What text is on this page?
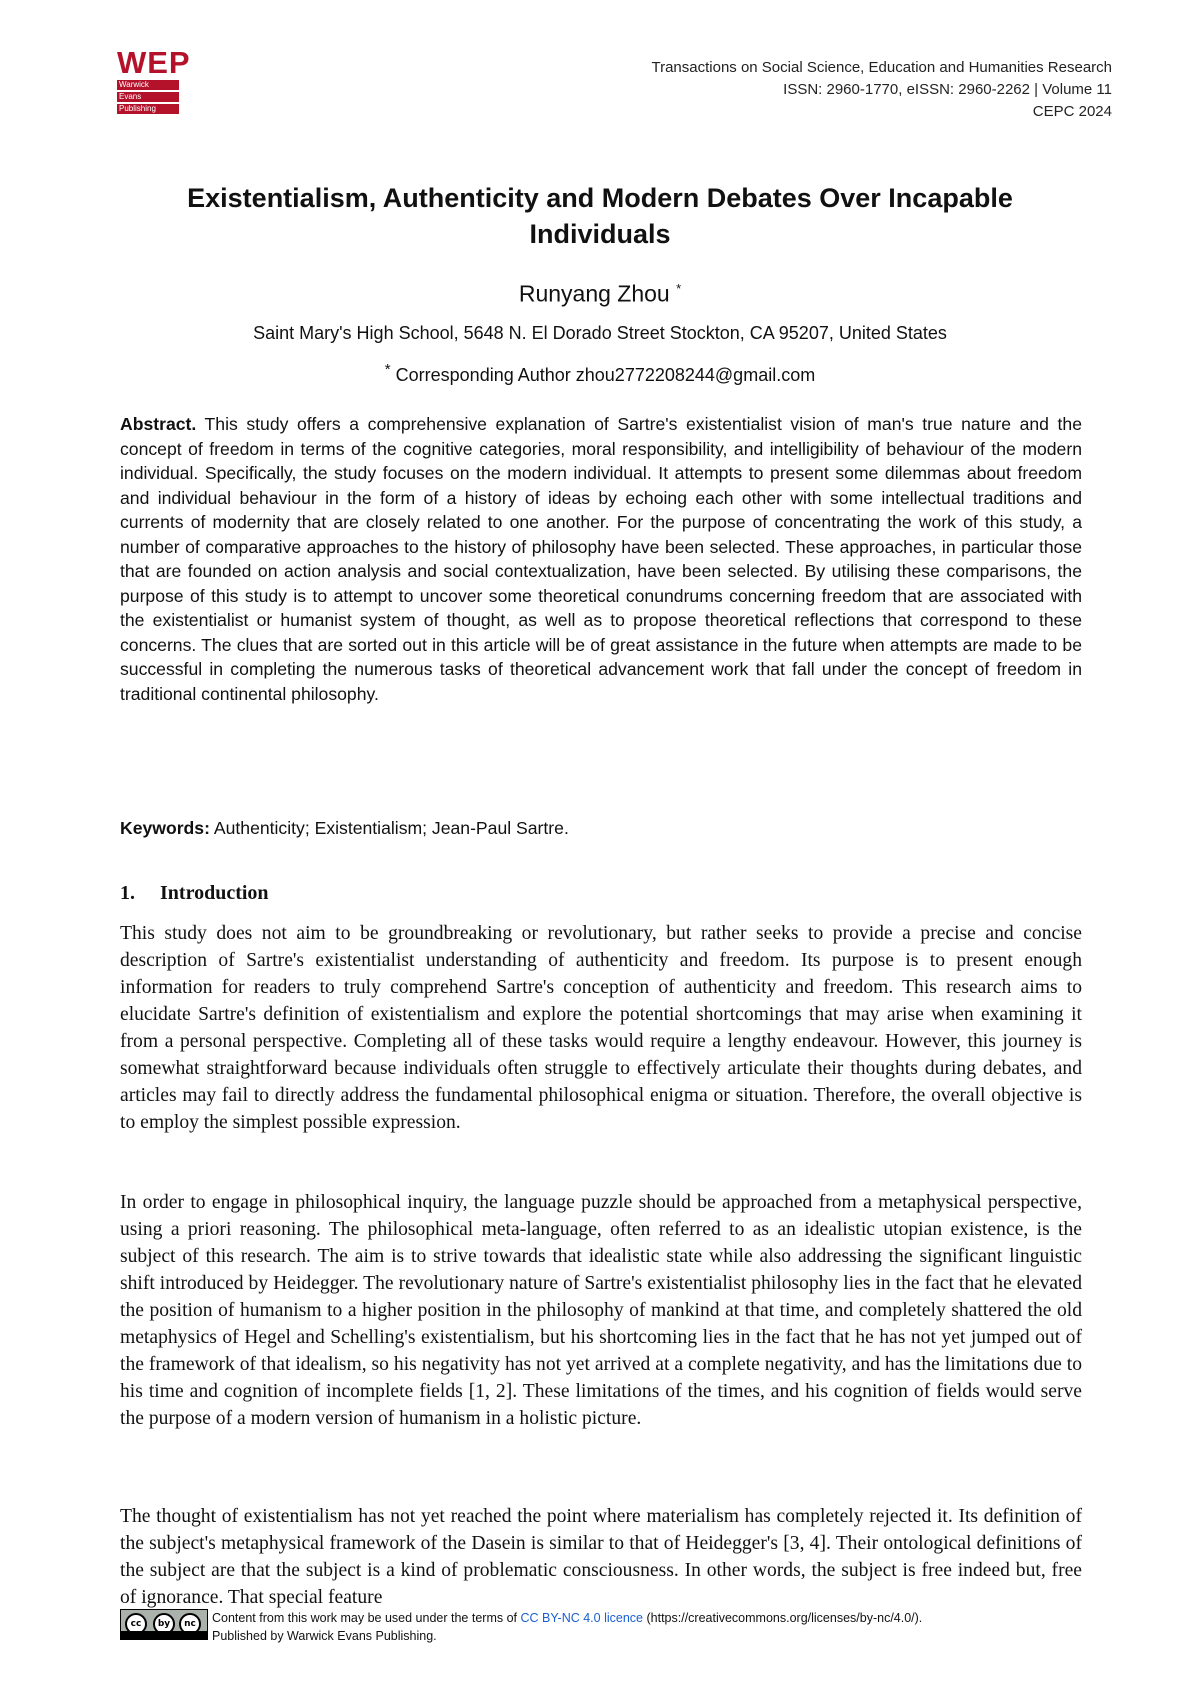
WEP
Warwick
Evans
Publishing
Transactions on Social Science, Education and Humanities Research
ISSN: 2960-1770, eISSN: 2960-2262 | Volume 11
CEPC 2024
Existentialism, Authenticity and Modern Debates Over Incapable
Individuals
Runyang Zhou *
Saint Mary's High School, 5648 N. El Dorado Street Stockton, CA 95207, United States
* Corresponding Author zhou2772208244@gmail.com
Abstract. This study offers a comprehensive explanation of Sartre's existentialist vision of man's true nature and the concept of freedom in terms of the cognitive categories, moral responsibility, and intelligibility of behaviour of the modern individual. Specifically, the study focuses on the modern individual. It attempts to present some dilemmas about freedom and individual behaviour in the form of a history of ideas by echoing each other with some intellectual traditions and currents of modernity that are closely related to one another. For the purpose of concentrating the work of this study, a number of comparative approaches to the history of philosophy have been selected. These approaches, in particular those that are founded on action analysis and social contextualization, have been selected. By utilising these comparisons, the purpose of this study is to attempt to uncover some theoretical conundrums concerning freedom that are associated with the existentialist or humanist system of thought, as well as to propose theoretical reflections that correspond to these concerns. The clues that are sorted out in this article will be of great assistance in the future when attempts are made to be successful in completing the numerous tasks of theoretical advancement work that fall under the concept of freedom in traditional continental philosophy.
Keywords: Authenticity; Existentialism; Jean-Paul Sartre.
1. Introduction
This study does not aim to be groundbreaking or revolutionary, but rather seeks to provide a precise and concise description of Sartre's existentialist understanding of authenticity and freedom. Its purpose is to present enough information for readers to truly comprehend Sartre's conception of authenticity and freedom. This research aims to elucidate Sartre's definition of existentialism and explore the potential shortcomings that may arise when examining it from a personal perspective. Completing all of these tasks would require a lengthy endeavour. However, this journey is somewhat straightforward because individuals often struggle to effectively articulate their thoughts during debates, and articles may fail to directly address the fundamental philosophical enigma or situation. Therefore, the overall objective is to employ the simplest possible expression.
In order to engage in philosophical inquiry, the language puzzle should be approached from a metaphysical perspective, using a priori reasoning. The philosophical meta-language, often referred to as an idealistic utopian existence, is the subject of this research. The aim is to strive towards that idealistic state while also addressing the significant linguistic shift introduced by Heidegger. The revolutionary nature of Sartre's existentialist philosophy lies in the fact that he elevated the position of humanism to a higher position in the philosophy of mankind at that time, and completely shattered the old metaphysics of Hegel and Schelling's existentialism, but his shortcoming lies in the fact that he has not yet jumped out of the framework of that idealism, so his negativity has not yet arrived at a complete negativity, and has the limitations due to his time and cognition of incomplete fields [1, 2]. These limitations of the times, and his cognition of fields would serve the purpose of a modern version of humanism in a holistic picture.
The thought of existentialism has not yet reached the point where materialism has completely rejected it. Its definition of the subject's metaphysical framework of the Dasein is similar to that of Heidegger's [3, 4]. Their ontological definitions of the subject are that the subject is a kind of problematic consciousness. In other words, the subject is free indeed but, free of ignorance. That special feature
cc	by	nc	Content from this work may be used under the terms of CC BY-NC 4.0 licence (https://creativecommons.org/licenses/by-nc/4.0/).
Published by Warwick Evans Publishing.
